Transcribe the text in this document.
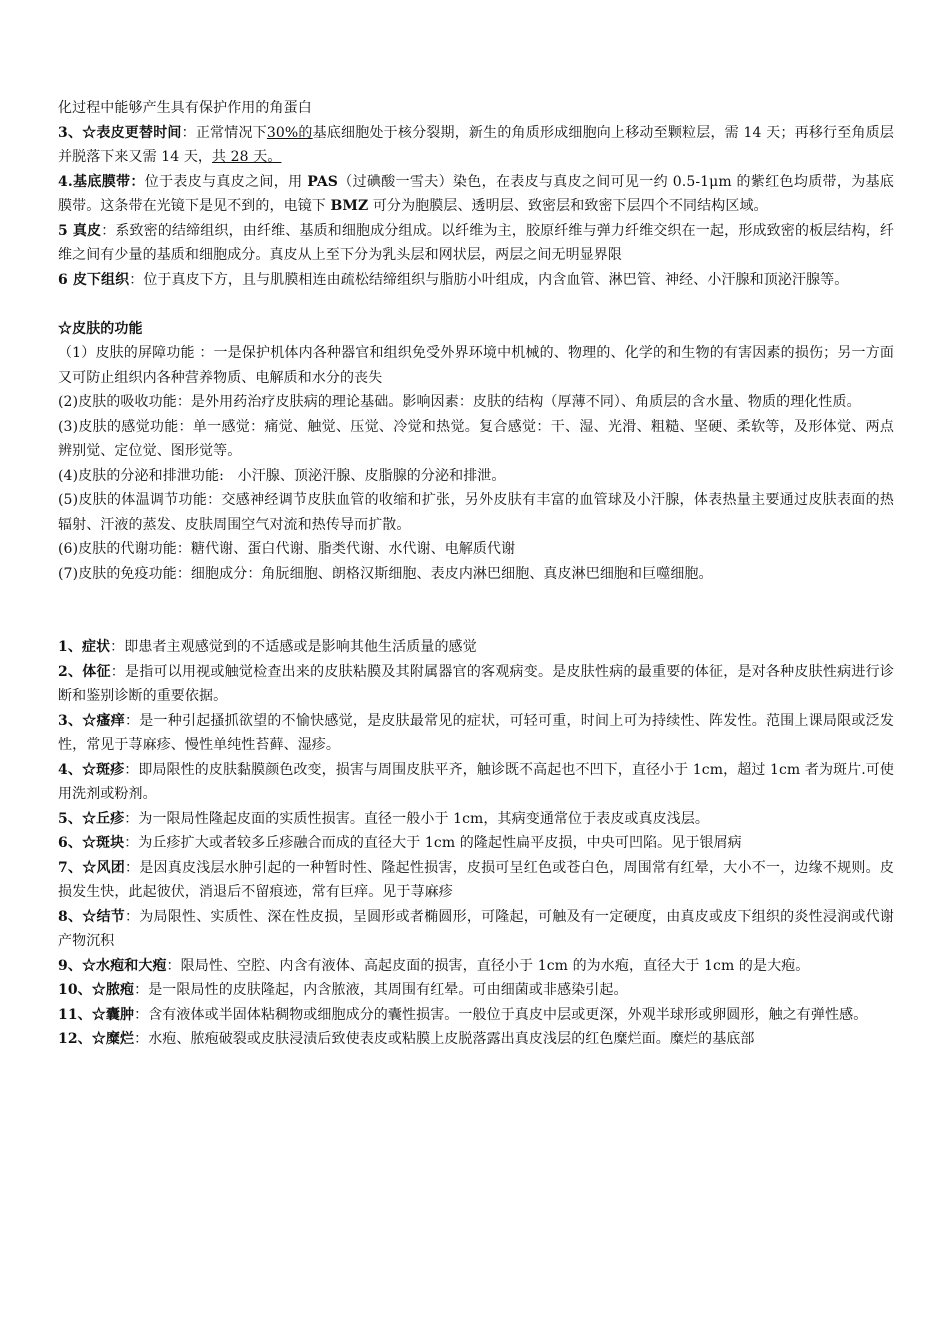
化过程中能够产生具有保护作用的角蛋白

3、☆表皮更替时间：正常情况下30%的基底细胞处于核分裂期，新生的角质形成细胞向上移动至颗粒层，需 14 天；再移行至角质层并脱落下来又需 14 天，共 28 天。

4.基底膜带：位于表皮与真皮之间，用 PAS（过碘酸一雪夫）染色，在表皮与真皮之间可见一约 0.5-1μm 的紫红色均质带，为基底膜带。这条带在光镜下是见不到的，电镜下 BMZ 可分为胞膜层、透明层、致密层和致密下层四个不同结构区域。

5 真皮：系致密的结缔组织，由纤维、基质和细胞成分组成。以纤维为主，胶原纤维与弹力纤维交织在一起，形成致密的板层结构，纤维之间有少量的基质和细胞成分。真皮从上至下分为乳头层和网状层，两层之间无明显界限

6 皮下组织：位于真皮下方，且与肌膜相连由疏松结缔组织与脂肪小叶组成，内含血管、淋巴管、神经、小汗腺和顶泌汗腺等。

☆皮肤的功能

（1）皮肤的屏障功能 ：一是保护机体内各种器官和组织免受外界环境中机械的、物理的、化学的和生物的有害因素的损伤；另一方面又可防止组织内各种营养物质、电解质和水分的丧失

(2)皮肤的吸收功能：是外用药治疗皮肤病的理论基础。影响因素：皮肤的结构（厚薄不同）、角质层的含水量、物质的理化性质。

(3)皮肤的感觉功能：单一感觉：痛觉、触觉、压觉、冷觉和热觉。复合感觉：干、湿、光滑、粗糙、坚硬、柔软等，及形体觉、两点辨别觉、定位觉、图形觉等。

(4)皮肤的分泌和排泄功能:   小汗腺、顶泌汗腺、皮脂腺的分泌和排泄。

(5)皮肤的体温调节功能：交感神经调节皮肤血管的收缩和扩张，另外皮肤有丰富的血管球及小汗腺，体表热量主要通过皮肤表面的热辐射、汗液的蒸发、皮肤周围空气对流和热传导而扩散。

(6)皮肤的代谢功能：糖代谢、蛋白代谢、脂类代谢、水代谢、电解质代谢

(7)皮肤的免疫功能：细胞成分：角朊细胞、朗格汉斯细胞、表皮内淋巴细胞、真皮淋巴细胞和巨噬细胞。

1、症状：即患者主观感觉到的不适感或是影响其他生活质量的感觉

2、体征：是指可以用视或触觉检查出来的皮肤粘膜及其附属器官的客观病变。是皮肤性病的最重要的体征，是对各种皮肤性病进行诊断和鉴别诊断的重要依据。

3、☆瘙痒：是一种引起搔抓欲望的不愉快感觉，是皮肤最常见的症状，可轻可重，时间上可为持续性、阵发性。范围上课局限或泛发性，常见于荨麻疹、慢性单纯性苔藓、湿疹。

4、☆斑疹：即局限性的皮肤黏膜颜色改变，损害与周围皮肤平齐，触诊既不高起也不凹下，直径小于 1cm，超过 1cm 者为斑片.可使用洗剂或粉剂。

5、☆丘疹：为一限局性隆起皮面的实质性损害。直径一般小于 1cm，其病变通常位于表皮或真皮浅层。

6、☆斑块：为丘疹扩大或者较多丘疹融合而成的直径大于 1cm 的隆起性扁平皮损，中央可凹陷。见于银屑病

7、☆风团：是因真皮浅层水肿引起的一种暂时性、隆起性损害，皮损可呈红色或苍白色，周围常有红晕，大小不一，边缘不规则。皮损发生快，此起彼伏，消退后不留痕迹，常有巨痒。见于荨麻疹

8、☆结节：为局限性、实质性、深在性皮损，呈圆形或者椭圆形，可隆起，可触及有一定硬度，由真皮或皮下组织的炎性浸润或代谢产物沉积

9、☆水疱和大疱：限局性、空腔、内含有液体、高起皮面的损害，直径小于 1cm 的为水疱，直径大于 1cm 的是大疱。

10、☆脓疱：是一限局性的皮肤隆起，内含脓液，其周围有红晕。可由细菌或非感染引起。

11、☆囊肿：含有液体或半固体粘稠物或细胞成分的囊性损害。一般位于真皮中层或更深，外观半球形或卵圆形，触之有弹性感。

12、☆糜烂：水疱、脓疱破裂或皮肤浸渍后致使表皮或粘膜上皮脱落露出真皮浅层的红色糜烂面。糜烂的基底部
